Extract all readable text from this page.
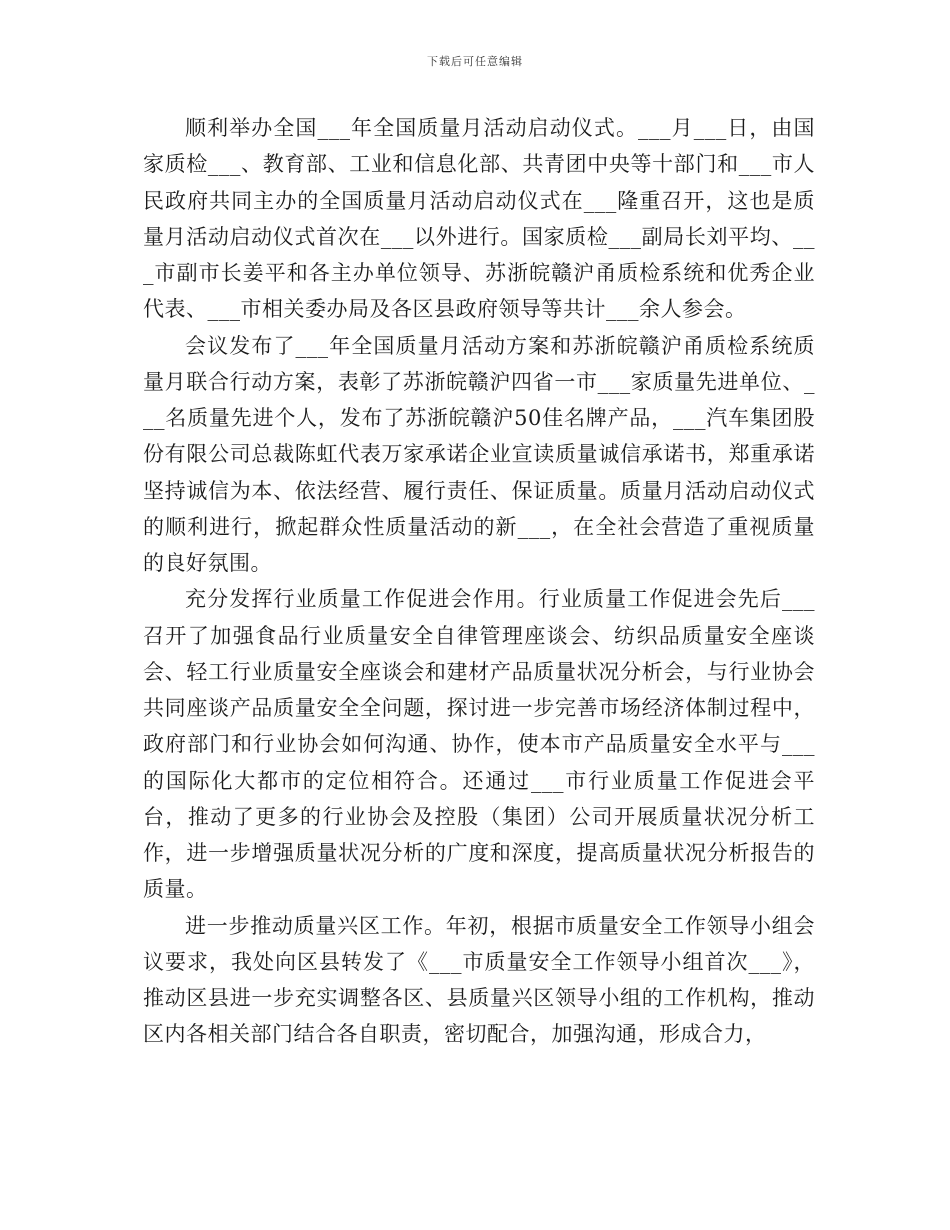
下载后可任意编辑

顺利举办全国___年全国质量月活动启动仪式。___月___日，由国家质检___、教育部、工业和信息化部、共青团中央等十部门和___市人民政府共同主办的全国质量月活动启动仪式在___隆重召开，这也是质量月活动启动仪式首次在___以外进行。国家质检___副局长刘平均、___市副市长姜平和各主办单位领导、苏浙皖赣沪甬质检系统和优秀企业代表、___市相关委办局及各区县政府领导等共计___余人参会。

会议发布了___年全国质量月活动方案和苏浙皖赣沪甬质检系统质量月联合行动方案，表彰了苏浙皖赣沪四省一市___家质量先进单位、___名质量先进个人，发布了苏浙皖赣沪50佳名牌产品，___汽车集团股份有限公司总裁陈虹代表万家承诺企业宣读质量诚信承诺书，郑重承诺坚持诚信为本、依法经营、履行责任、保证质量。质量月活动启动仪式的顺利进行，掀起群众性质量活动的新___，在全社会营造了重视质量的良好氛围。

充分发挥行业质量工作促进会作用。行业质量工作促进会先后___召开了加强食品行业质量安全自律管理座谈会、纺织品质量安全座谈会、轻工行业质量安全座谈会和建材产品质量状况分析会，与行业协会共同座谈产品质量安全全问题，探讨进一步完善市场经济体制过程中，政府部门和行业协会如何沟通、协作，使本市产品质量安全水平与___的国际化大都市的定位相符合。还通过___市行业质量工作促进会平台，推动了更多的行业协会及控股（集团）公司开展质量状况分析工作，进一步增强质量状况分析的广度和深度，提高质量状况分析报告的质量。

进一步推动质量兴区工作。年初，根据市质量安全工作领导小组会议要求，我处向区县转发了《___市质量安全工作领导小组首次___》，推动区县进一步充实调整各区、县质量兴区领导小组的工作机构，推动区内各相关部门结合各自职责，密切配合，加强沟通，形成合力，
